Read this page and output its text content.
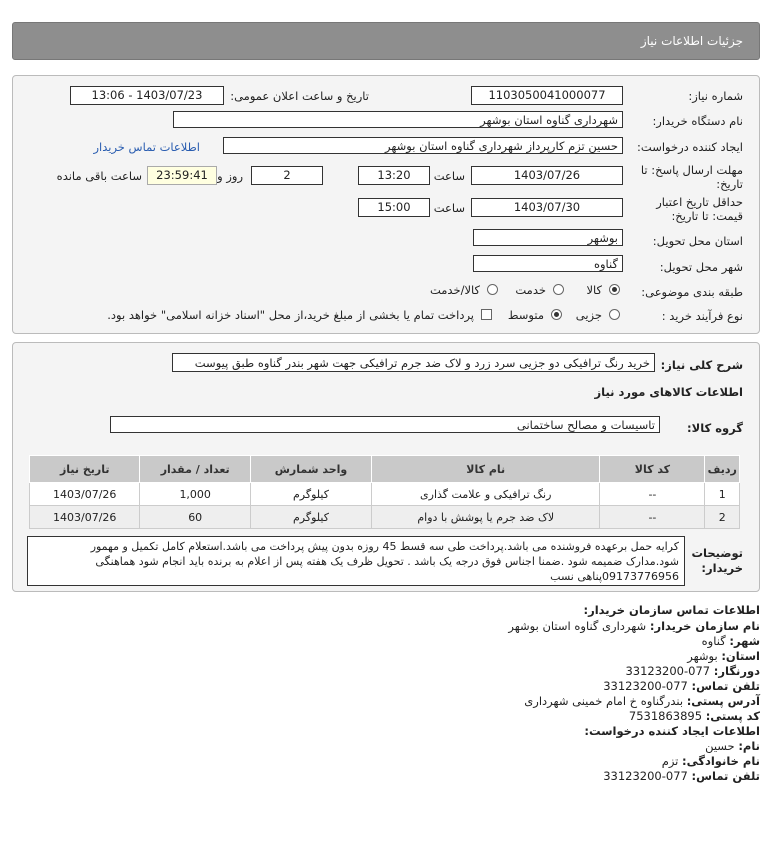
جزئیات اطلاعات نیاز
شماره نیاز:
1103050041000077
تاریخ و ساعت اعلان عمومی:
1403/07/23 - 13:06
نام دستگاه خریدار:
شهرداری گناوه استان بوشهر
ایجاد کننده درخواست:
حسین تزم کارپرداز شهرداری گناوه استان بوشهر
اطلاعات تماس خریدار
مهلت ارسال پاسخ: تا
تاریخ:
1403/07/26
ساعت
13:20
2
روز و
23:59:41
ساعت باقی مانده
حداقل تاریخ اعتبار
قیمت: تا تاریخ:
1403/07/30
ساعت
15:00
استان محل تحویل:
بوشهر
شهر محل تحویل:
گناوه
طبقه بندی موضوعی:
کالا
خدمت
کالا/خدمت
نوع فرآیند خرید :
جزیی
متوسط
پرداخت تمام یا بخشی از مبلغ خرید،از محل "اسناد خزانه اسلامی" خواهد بود.
شرح کلی نیاز:
خرید رنگ ترافیکی دو جزیی سرد زرد و لاک ضد جرم ترافیکی جهت شهر بندر گناوه طبق پیوست
اطلاعات کالاهای مورد نیاز
گروه کالا:
تاسیسات و مصالح ساختمانی
ردیف	کد کالا	نام کالا	واحد شمارش	تعداد / مقدار	تاریخ نیاز
1	--	رنگ ترافیکی و علامت گذاری	کیلوگرم	1,000	1403/07/26
2	--	لاک ضد جرم یا پوشش با دوام	کیلوگرم	60	1403/07/26
توضیحات
خریدار:
کرایه حمل برعهده فروشنده می باشد.پرداخت طی سه قسط 45 روزه بدون پیش پرداخت می باشد.استعلام کامل تکمیل و مهمور
شود.مدارک ضمیمه شود .ضمنا اجناس فوق درجه یک باشد . تحویل ظرف یک هفته پس از اعلام به برنده باید انجام شود هماهنگی
09173776956پناهی نسب
اطلاعات تماس سازمان خریدار:
نام سازمان خریدار: شهرداری گناوه استان بوشهر
شهر: گناوه
استان: بوشهر
دورنگار: 077-33123200
تلفن تماس: 077-33123200
آدرس پستی: بندرگناوه خ امام خمینی شهرداری
کد پستی: 7531863895
اطلاعات ایجاد کننده درخواست:
نام: حسین
نام خانوادگی: تزم
تلفن تماس: 077-33123200
